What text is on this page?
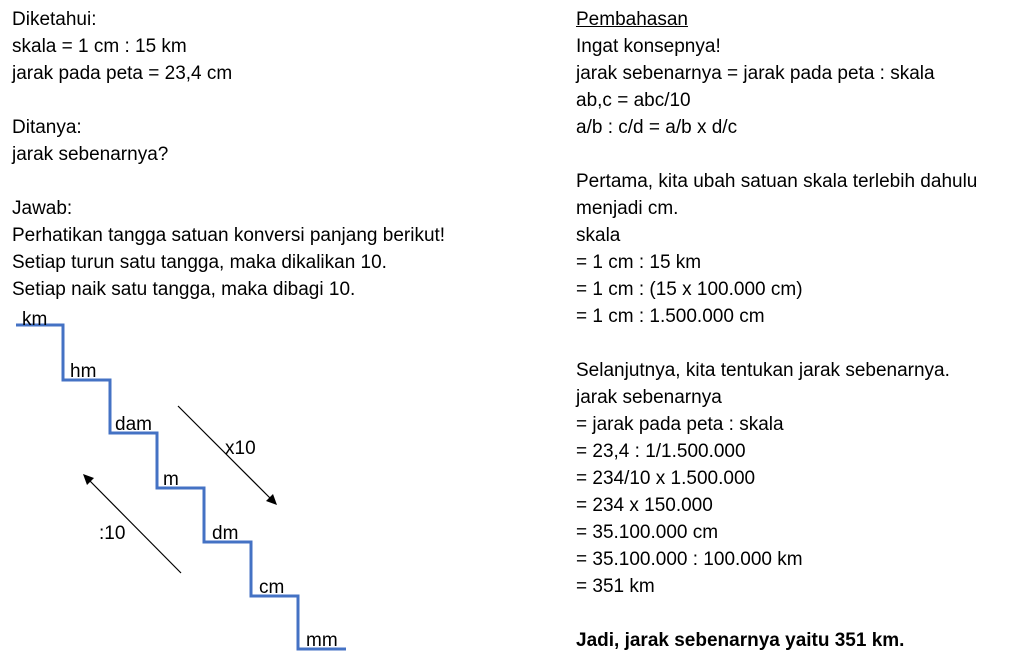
Diketahui:
skala = 1 cm : 15 km
jarak pada peta = 23,4 cm
Ditanya:
jarak sebenarnya?
Jawab:
Perhatikan tangga satuan konversi panjang berikut!
Setiap turun satu tangga, maka dikalikan 10.
Setiap naik satu tangga, maka dibagi 10.
km
hm
dam
m
dm
cm
mm
x10
:10
Pembahasan
Ingat konsepnya!
jarak sebenarnya = jarak pada peta : skala
ab,c = abc/10
a/b : c/d = a/b x d/c
Pertama, kita ubah satuan skala terlebih dahulu
menjadi cm.
skala
= 1 cm : 15 km
= 1 cm : (15 x 100.000 cm)
= 1 cm : 1.500.000 cm
Selanjutnya, kita tentukan jarak sebenarnya.
jarak sebenarnya
= jarak pada peta : skala
= 23,4 : 1/1.500.000
= 234/10 x 1.500.000
= 234 x 150.000
= 35.100.000 cm
= 35.100.000 : 100.000 km
= 351 km
Jadi, jarak sebenarnya yaitu 351 km.
